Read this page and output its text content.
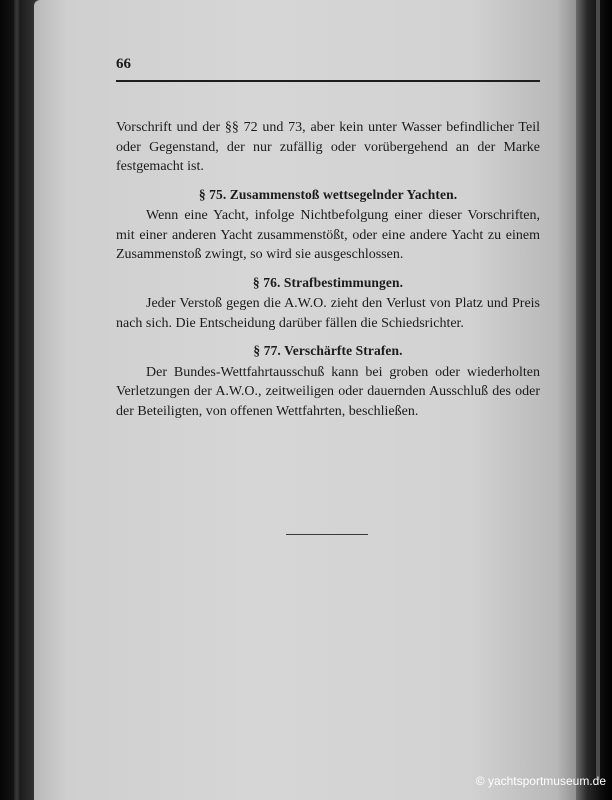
66

Vorschrift und der §§ 72 und 73, aber kein unter Wasser befindlicher Teil oder Gegenstand, der nur zufällig oder vorübergehend an der Marke festgemacht ist.

§ 75. Zusammenstoß wettsegelnder Yachten.

Wenn eine Yacht, infolge Nichtbefolgung einer dieser Vorschriften, mit einer anderen Yacht zusammenstößt, oder eine andere Yacht zu einem Zusammenstoß zwingt, so wird sie ausgeschlossen.

§ 76. Strafbestimmungen.

Jeder Verstoß gegen die A.W.O. zieht den Verlust von Platz und Preis nach sich. Die Entscheidung darüber fällen die Schiedsrichter.

§ 77. Verschärfte Strafen.

Der Bundes-Wettfahrtausschuß kann bei groben oder wiederholten Verletzungen der A.W.O., zeitweiligen oder dauernden Ausschluß des oder der Beteiligten, von offenen Wettfahrten, beschließen.

© yachtsportmuseum.de
